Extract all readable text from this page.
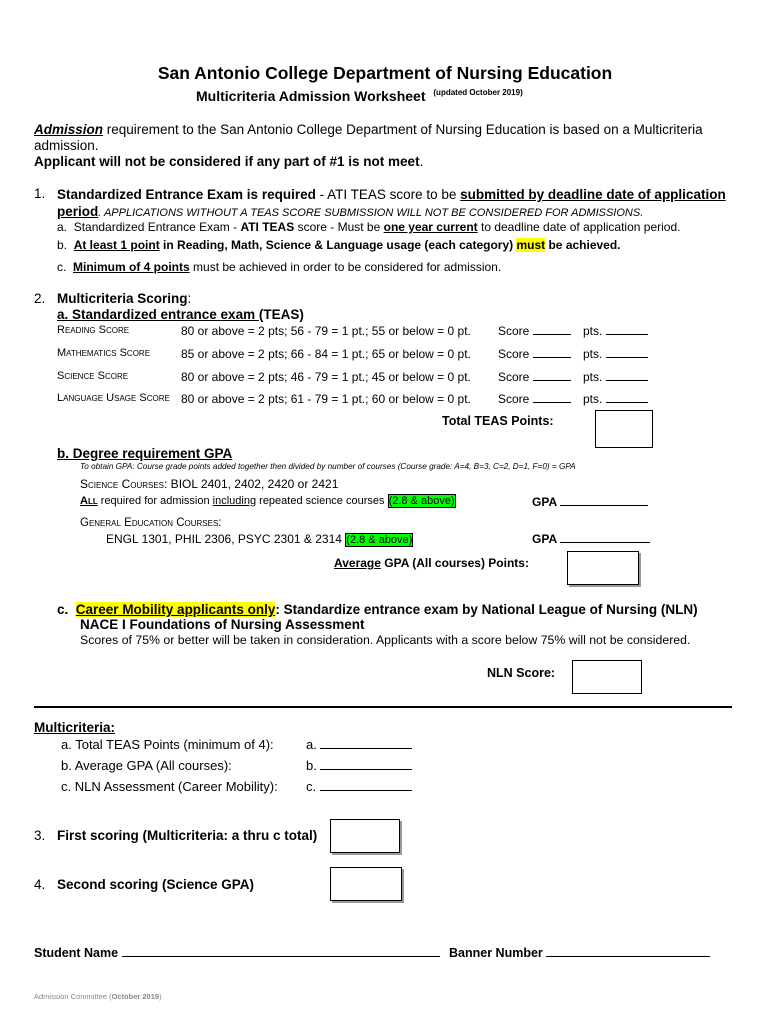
San Antonio College Department of Nursing Education
Multicriteria Admission Worksheet $^{(updated October 2019)}$
Admission requirement to the San Antonio College Department of Nursing Education is based on a Multicriteria
admission.
Applicant will not be considered if any part of #1 is not meet.
1. Standardized Entrance Exam is required - ATI TEAS score to be submitted by deadline date of application
period. APPLICATIONS WITHOUT A TEAS SCORE SUBMISSION WILL NOT BE CONSIDERED FOR ADMISSIONS.
a. Standardized Entrance Exam - ATI TEAS score - Must be one year current to deadline date of application period.
b. At least 1 point in Reading, Math, Science & Language usage (each category) must be achieved.
c. Minimum of 4 points must be achieved in order to be considered for admission.
2. Multicriteria Scoring:
a. Standardized entrance exam (TEAS)
Reading Score	80 or above = 2 pts; 56 - 79 = 1 pt.; 55 or below = 0 pt. Score	pts.
Mathematics Score	85 or above = 2 pts; 66 - 84 = 1 pt.; 65 or below = 0 pt. Score	pts.
Science Score	80 or above = 2 pts; 46 - 79 = 1 pt.; 45 or below = 0 pt. Score	pts.
Language Usage Score 80 or above = 2 pts; 61 - 79 = 1 pt.; 60 or below = 0 pt. Score	pts.
Total TEAS Points:
b. Degree requirement GPA
To obtain GPA: Course grade points added together then divided by number of courses (Course grade: A=4, B=3, C=2, D=1, F=0) = GPA
Science Courses: BIOL 2401, 2402, 2420 or 2421
All required for admission including repeated science courses (2.8 & above)	GPA
General Education Courses:
ENGL 1301, PHIL 2306, PSYC 2301 & 2314 (2.8 & above)	GPA
Average GPA (All courses) Points:
c. Career Mobility applicants only: Standardize entrance exam by National League of Nursing (NLN)
NACE I Foundations of Nursing Assessment
Scores of 75% or better will be taken in consideration. Applicants with a score below 75% will not be considered.
NLN Score:
Multicriteria:
a. Total TEAS Points (minimum of 4): a.
b. Average GPA (All courses):	b.
c. NLN Assessment (Career Mobility): c.
3. First scoring (Multicriteria: a thru c total)
4. Second scoring (Science GPA)
Student Name	Banner Number
Admission Committee (October 2019)
